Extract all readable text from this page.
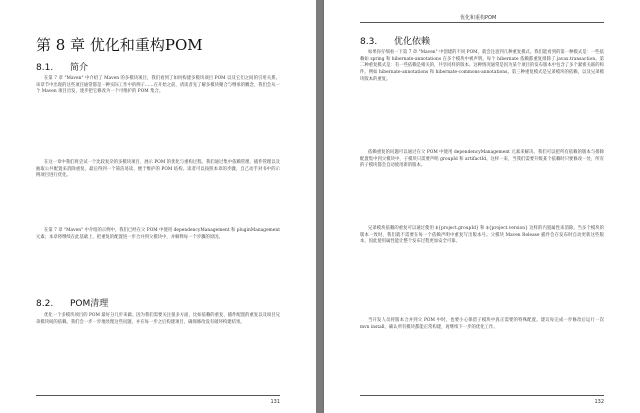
第 8 章 优化和重构POM
8.1. 简介
在第 7 章 "Maven" 中介绍了 Maven 的多模块项目，我们看到了如何构建多模块项目 POM 以及它们之间的引用关系。该章节中出现的这些项目通常都是一种实际工作中的例子……在开始之前，请读者先了解多模块聚合与继承的概念，我们会从一个 Maven 项目出发，逐步把它修改为一个可维护的 POM 集合。
在这一章中我们将尝试一个比较复杂的多模块项目，展示 POM 的优化与重构过程。我们通过集中依赖管理、插件管理以及抽取公共配置来消除重复，最后得到一个简洁易读、便于维护的 POM 结构。读者可以按照本章的步骤，自己动手对书中的示例项目进行优化。
在第 7 章 "Maven" 中介绍的示例中，我们已经在父 POM 中使用 dependencyManagement 和 pluginManagement 元素；本章将继续在此基础上，把重复的配置进一步合并到父模块中，并解释每一个步骤的原因。
8.2. POM清理
优化一个多模块项目的 POM 最好分几步来做。因为我们需要关注很多方面，比如依赖的重复、插件配置的重复以及项目兄弟模块间的依赖。我们会一步一步地处理这些问题，并在每一步之后构建项目，确保修改没有破坏构建结果。
131
优化和重构POM
8.3. 优化依赖
如果你仔细看一下第 7 章 "Maven" 中创建的不同 POM，就会注意到几种重复模式。我们能看到的第一种模式是：一些依赖如 spring 和 hibernate-annotations 在多个模块中被声明。每个 hibernate 依赖都重复排除了 javax.transaction。第二种重复模式是：有一些依赖是相关的，共享同样的版本。这种情况通常是因为某个项目的发布版本中包含了多个紧密关联的构件。例如 hibernate-annotations 和 hibernate-commons-annotations。第三种重复模式是兄弟模块的依赖，以及兄弟模块版本的重复。
依赖重复的问题可以通过在父 POM 中使用 dependencyManagement 元素来解决。我们可以把所有依赖的版本与排除配置集中到父模块中，子模块只需要声明 groupId 和 artifactId。这样一来，当我们需要升级某个依赖时只要修改一处，所有的子模块都会自动使用新的版本。
兄弟模块依赖的重复可以通过使用 ${project.groupId} 和 ${project.version} 这样的内置属性来消除。当多个模块的版本一致时，我们就不需要在每一个依赖声明中重复写出版本号。父模块 Maven Release 插件会在发布时自动更新这些版本，因此使用属性能让整个发布过程更加安全可靠。
当开发人员将版本合并到父 POM 中时，也要小心保留子模块中真正需要的特殊配置。建议每完成一步修改后运行一次 mvn install，确认所有模块都能正常构建，再继续下一步的优化工作。
132
